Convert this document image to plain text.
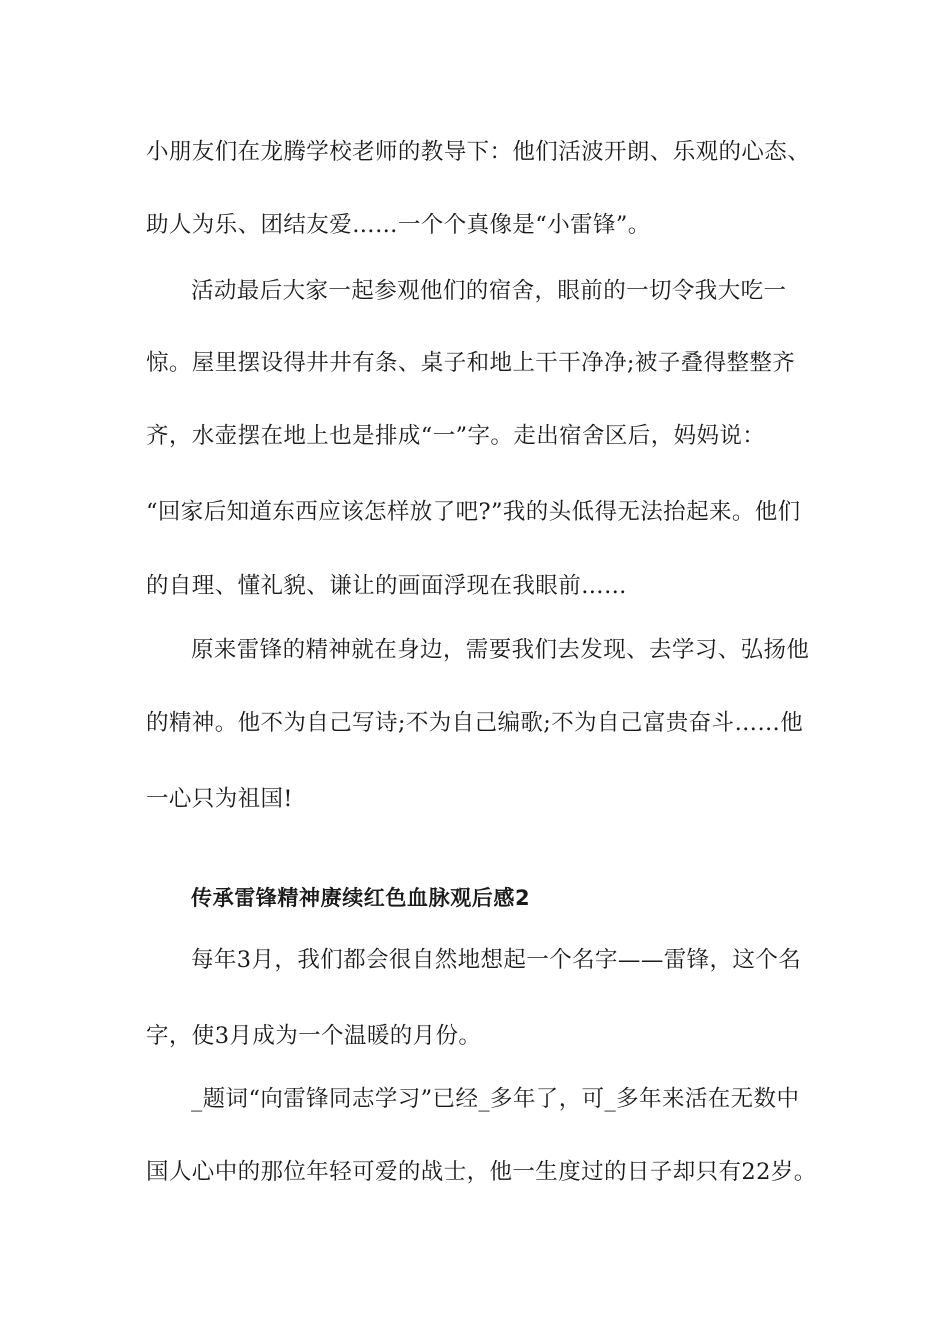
小朋友们在龙腾学校老师的教导下：他们活波开朗、乐观的心态、
助人为乐、团结友爱……一个个真像是“小雷锋”。
活动最后大家一起参观他们的宿舍，眼前的一切令我大吃一
惊。屋里摆设得井井有条、桌子和地上干干净净;被子叠得整整齐
齐，水壶摆在地上也是排成“一”字。走出宿舍区后，妈妈说：
“回家后知道东西应该怎样放了吧?”我的头低得无法抬起来。他们
的自理、懂礼貌、谦让的画面浮现在我眼前……
原来雷锋的精神就在身边，需要我们去发现、去学习、弘扬他
的精神。他不为自己写诗;不为自己编歌;不为自己富贵奋斗……他
一心只为祖国!
传承雷锋精神赓续红色血脉观后感2
每年3月，我们都会很自然地想起一个名字——雷锋，这个名
字，使3月成为一个温暖的月份。
_题词“向雷锋同志学习”已经_多年了，可_多年来活在无数中
国人心中的那位年轻可爱的战士，他一生度过的日子却只有22岁。
